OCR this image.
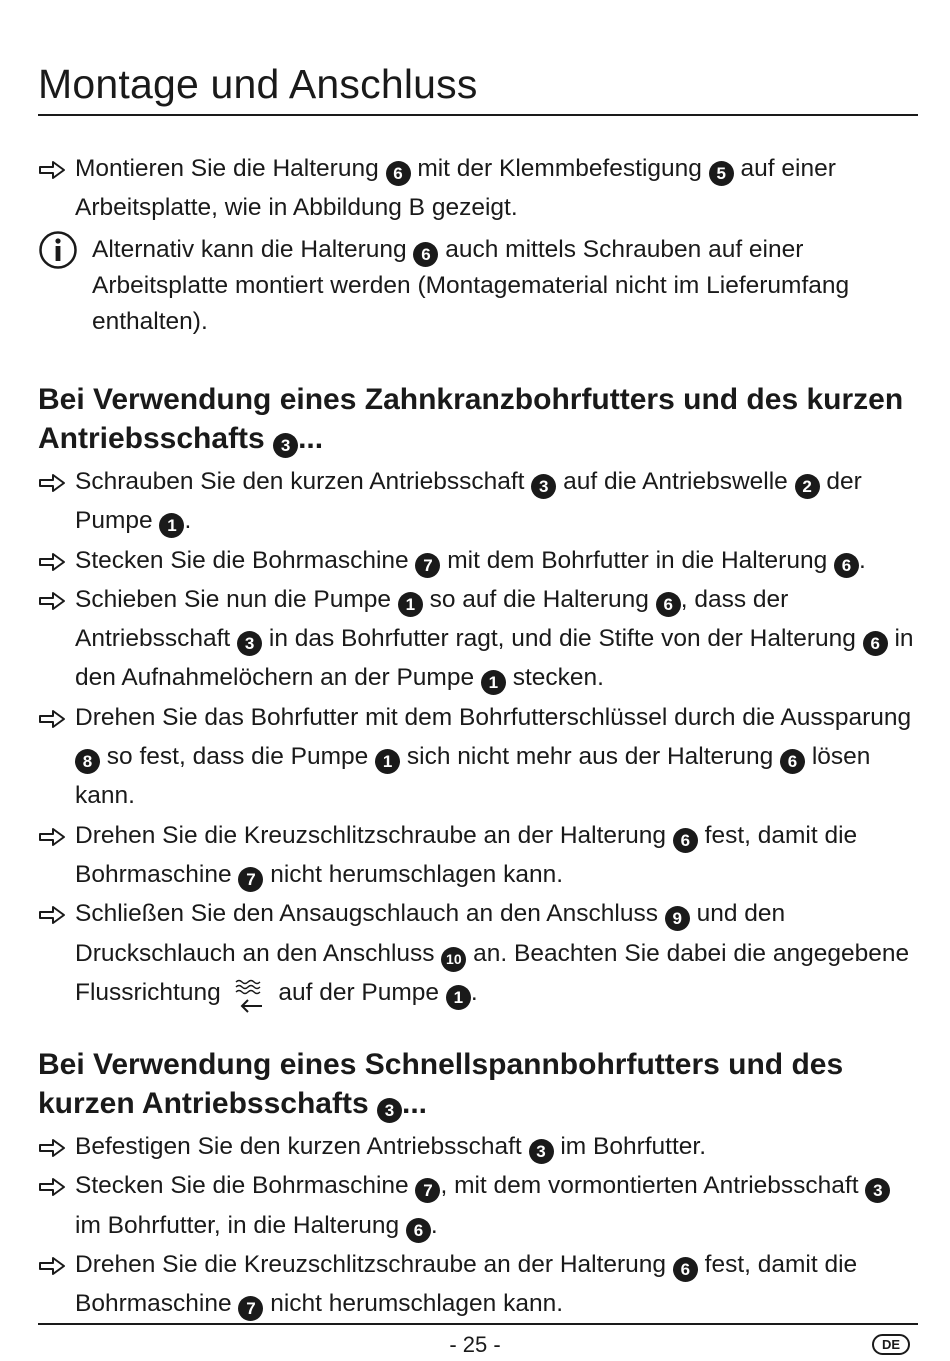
Montage und Anschluss
Montieren Sie die Halterung 6 mit der Klemmbefestigung 5 auf einer Arbeitsplatte, wie in Abbildung B gezeigt.
Alternativ kann die Halterung 6 auch mittels Schrauben auf einer Arbeitsplatte montiert werden (Montagematerial nicht im Lieferumfang enthalten).
Bei Verwendung eines Zahnkranzbohrfutters und des kurzen Antriebsschafts 3 ...
Schrauben Sie den kurzen Antriebsschaft 3 auf die Antriebswelle 2 der Pumpe 1 .
Stecken Sie die Bohrmaschine 7 mit dem Bohrfutter in die Halterung 6 .
Schieben Sie nun die Pumpe 1 so auf die Halterung 6 , dass der Antriebsschaft 3 in das Bohrfutter ragt, und die Stifte von der Halterung 6 in den Aufnahmelöchern an der Pumpe 1 stecken.
Drehen Sie das Bohrfutter mit dem Bohrfutterschlüssel durch die Aussparung 8 so fest, dass die Pumpe 1 sich nicht mehr aus der Halterung 6 lösen kann.
Drehen Sie die Kreuzschlitzschraube an der Halterung 6 fest, damit die Bohrmaschine 7 nicht herumschlagen kann.
Schließen Sie den Ansaugschlauch an den Anschluss 9 und den Druckschlauch an den Anschluss 10 an. Beachten Sie dabei die angegebene Flussrichtung  auf der Pumpe 1 .
Bei Verwendung eines Schnellspannbohrfutters und des kurzen Antriebsschafts 3 ...
Befestigen Sie den kurzen Antriebsschaft 3 im Bohrfutter.
Stecken Sie die Bohrmaschine 7 , mit dem vormontierten Antriebsschaft 3 im Bohrfutter, in die Halterung 6 .
Drehen Sie die Kreuzschlitzschraube an der Halterung 6 fest, damit die Bohrmaschine 7 nicht herumschlagen kann.
- 25 -	DE
